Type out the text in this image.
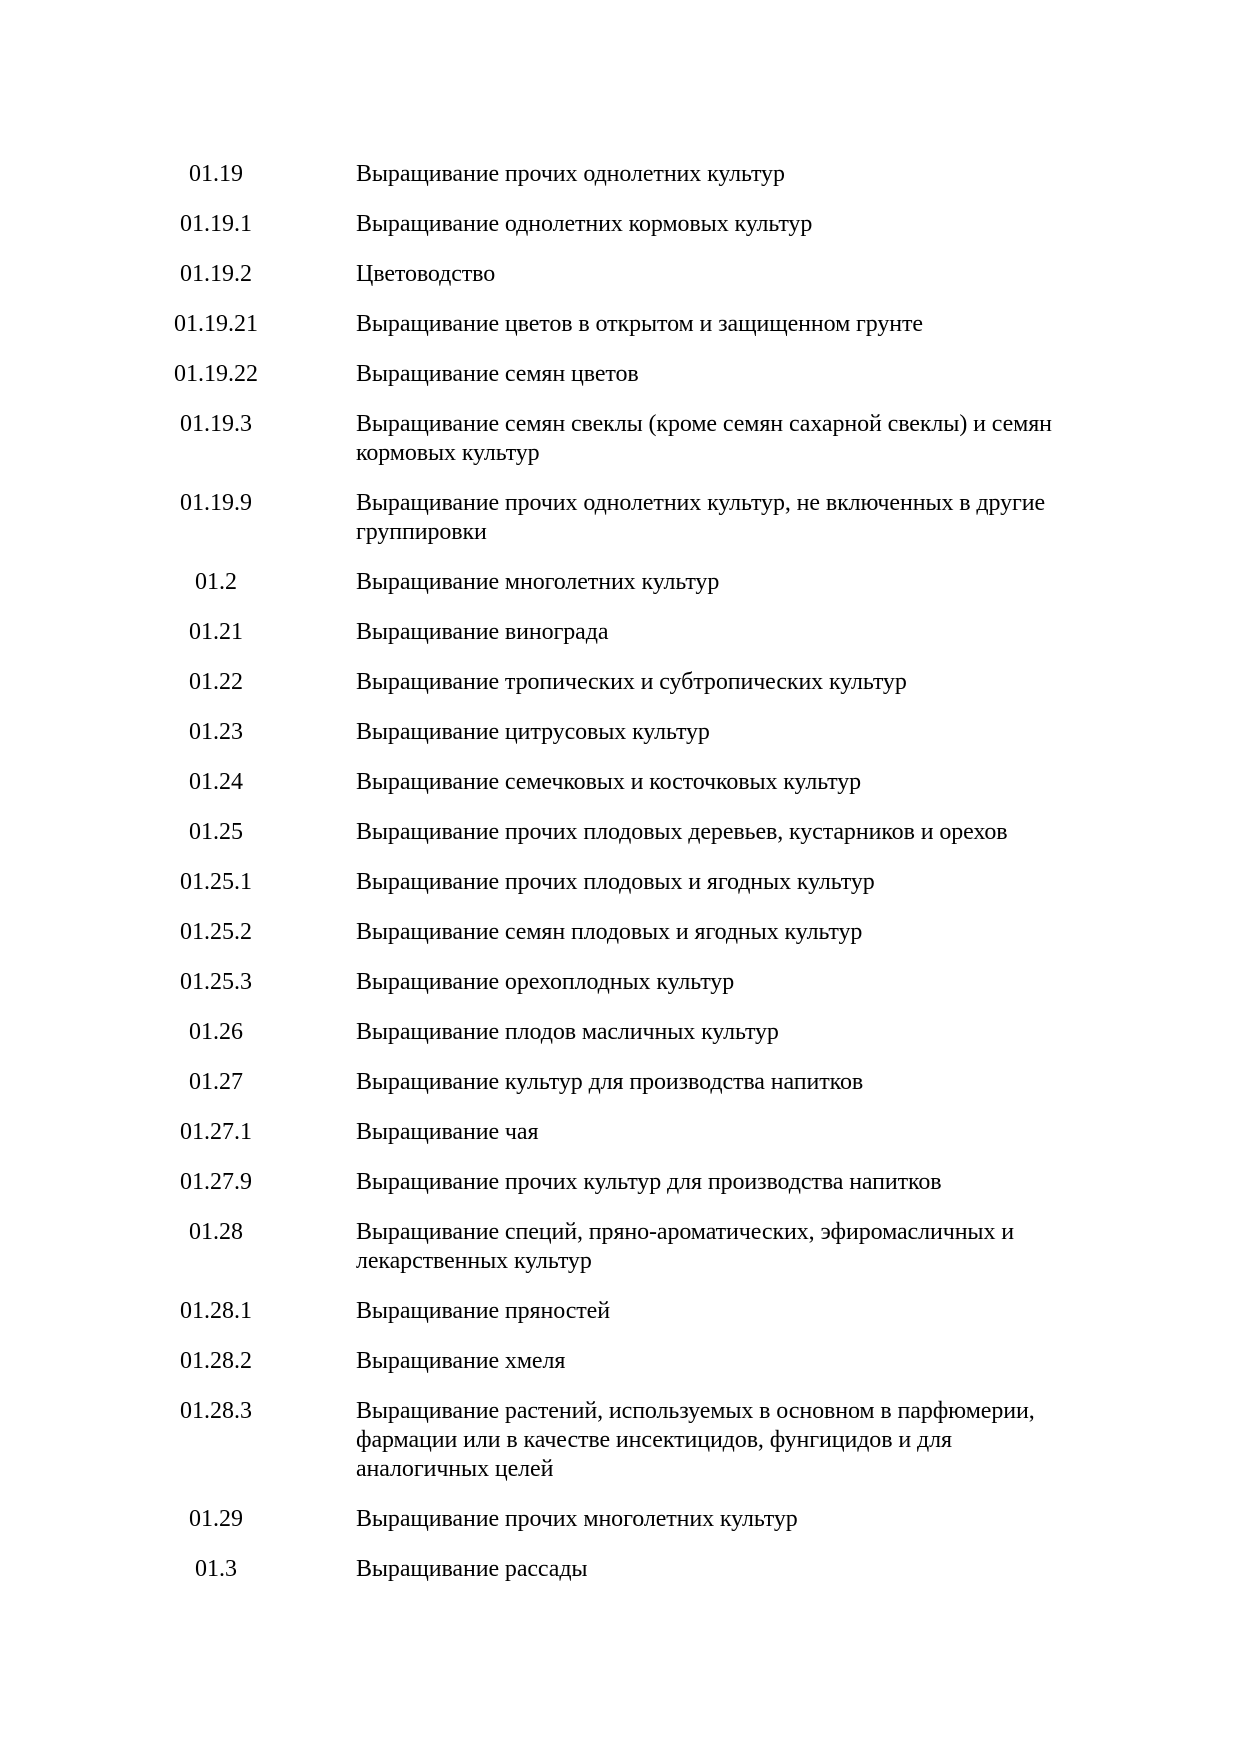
01.19	Выращивание прочих однолетних культур
01.19.1	Выращивание однолетних кормовых культур
01.19.2	Цветоводство
01.19.21	Выращивание цветов в открытом и защищенном грунте
01.19.22	Выращивание семян цветов
01.19.3	Выращивание семян свеклы (кроме семян сахарной свеклы) и семян кормовых культур
01.19.9	Выращивание прочих однолетних культур, не включенных в другие группировки
01.2	Выращивание многолетних культур
01.21	Выращивание винограда
01.22	Выращивание тропических и субтропических культур
01.23	Выращивание цитрусовых культур
01.24	Выращивание семечковых и косточковых культур
01.25	Выращивание прочих плодовых деревьев, кустарников и орехов
01.25.1	Выращивание прочих плодовых и ягодных культур
01.25.2	Выращивание семян плодовых и ягодных культур
01.25.3	Выращивание орехоплодных культур
01.26	Выращивание плодов масличных культур
01.27	Выращивание культур для производства напитков
01.27.1	Выращивание чая
01.27.9	Выращивание прочих культур для производства напитков
01.28	Выращивание специй, пряно-ароматических, эфиромасличных и лекарственных культур
01.28.1	Выращивание пряностей
01.28.2	Выращивание хмеля
01.28.3	Выращивание растений, используемых в основном в парфюмерии, фармации или в качестве инсектицидов, фунгицидов и для аналогичных целей
01.29	Выращивание прочих многолетних культур
01.3	Выращивание рассады
